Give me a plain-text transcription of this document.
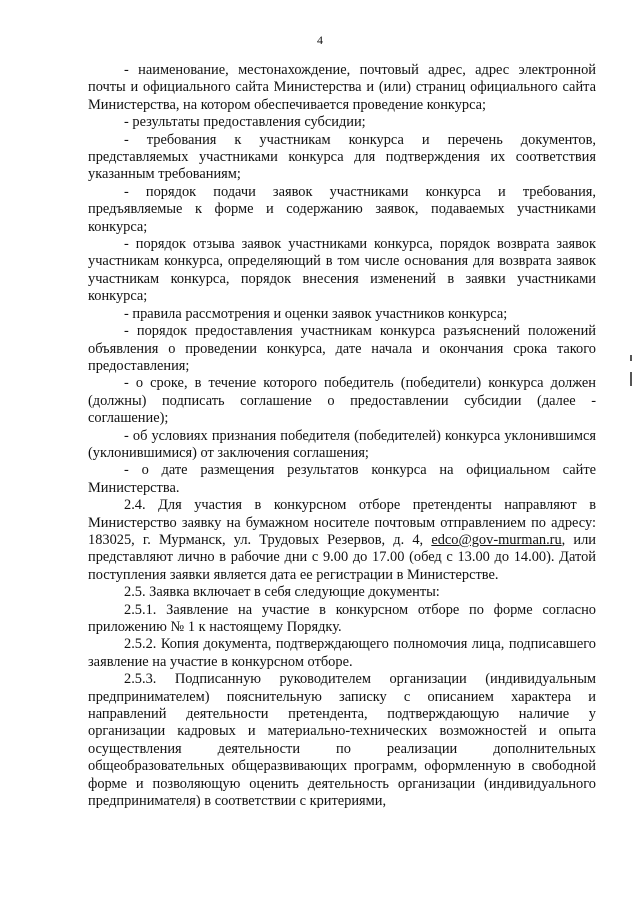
4

- наименование, местонахождение, почтовый адрес, адрес электронной почты и официального сайта Министерства и (или) страниц официального сайта Министерства, на котором обеспечивается проведение конкурса;

- результаты предоставления субсидии;

- требования к участникам конкурса и перечень документов, представляемых участниками конкурса для подтверждения их соответствия указанным требованиям;

- порядок подачи заявок участниками конкурса и требования, предъявляемые к форме и содержанию заявок, подаваемых участниками конкурса;

- порядок отзыва заявок участниками конкурса, порядок возврата заявок участникам конкурса, определяющий в том числе основания для возврата заявок участникам конкурса, порядок внесения изменений в заявки участниками конкурса;

- правила рассмотрения и оценки заявок участников конкурса;

- порядок предоставления участникам конкурса разъяснений положений объявления о проведении конкурса, дате начала и окончания срока такого предоставления;

- о сроке, в течение которого победитель (победители) конкурса должен (должны) подписать соглашение о предоставлении субсидии (далее - соглашение);

- об условиях признания победителя (победителей) конкурса уклонившимся (уклонившимися) от заключения соглашения;

- о дате размещения результатов конкурса на официальном сайте Министерства.

2.4. Для участия в конкурсном отборе претенденты направляют в Министерство заявку на бумажном носителе почтовым отправлением по адресу: 183025, г. Мурманск, ул. Трудовых Резервов, д. 4, edco@gov-murman.ru, или представляют лично в рабочие дни с 9.00 до 17.00 (обед с 13.00 до 14.00). Датой поступления заявки является дата ее регистрации в Министерстве.

2.5. Заявка включает в себя следующие документы:

2.5.1. Заявление на участие в конкурсном отборе по форме согласно приложению № 1 к настоящему Порядку.

2.5.2. Копия документа, подтверждающего полномочия лица, подписавшего заявление на участие в конкурсном отборе.

2.5.3. Подписанную руководителем организации (индивидуальным предпринимателем) пояснительную записку с описанием характера и направлений деятельности претендента, подтверждающую наличие у организации кадровых и материально-технических возможностей и опыта осуществления деятельности по реализации дополнительных общеобразовательных общеразвивающих программ, оформленную в свободной форме и позволяющую оценить деятельность организации (индивидуального предпринимателя) в соответствии с критериями,
